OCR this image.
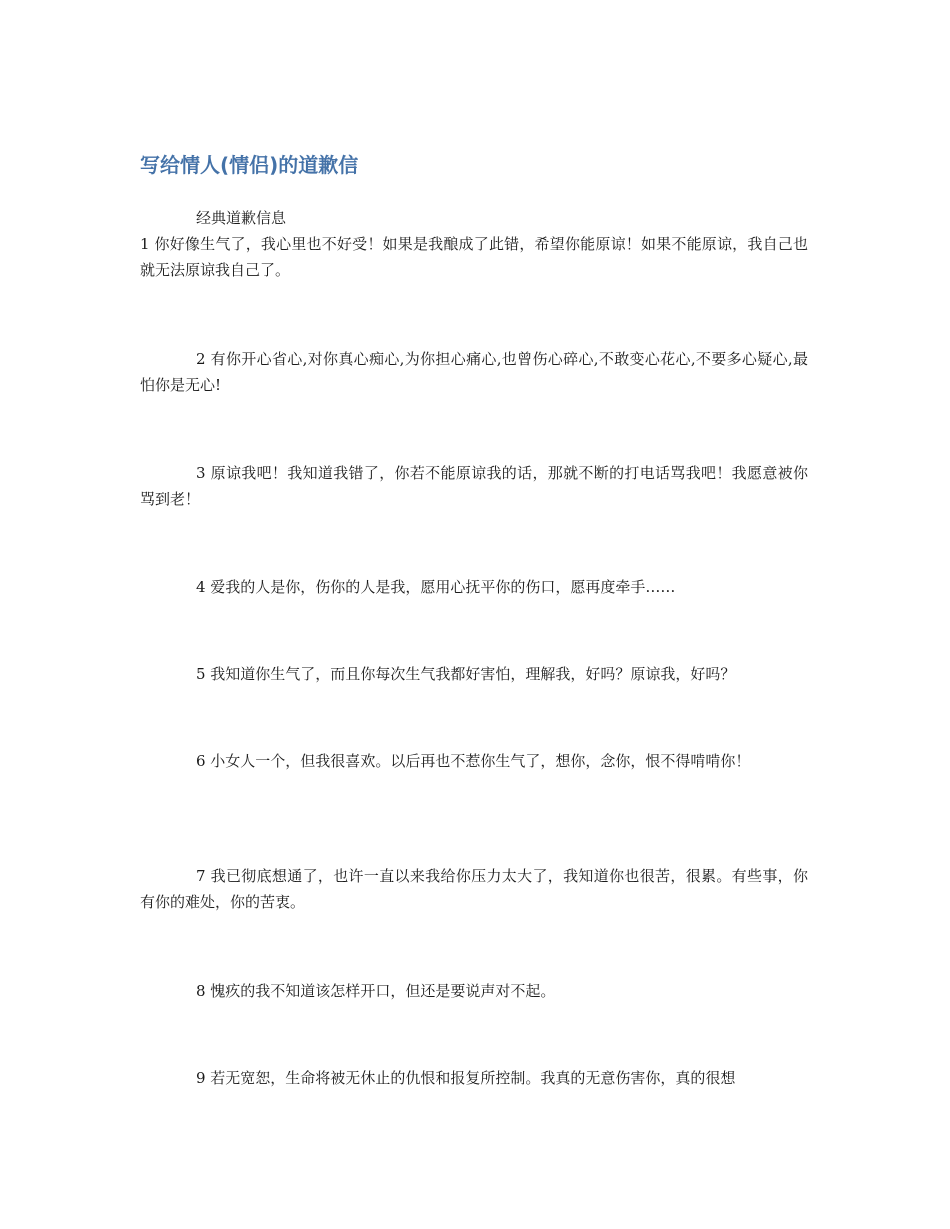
写给情人(情侣)的道歉信
经典道歉信息

1 你好像生气了，我心里也不好受！如果是我酿成了此错，希望你能原谅！如果不能原谅，我自己也就无法原谅我自己了。

2 有你开心省心,对你真心痴心,为你担心痛心,也曾伤心碎心,不敢变心花心,不要多心疑心,最怕你是无心!

3 原谅我吧！我知道我错了，你若不能原谅我的话，那就不断的打电话骂我吧！我愿意被你骂到老！

4 爱我的人是你，伤你的人是我，愿用心抚平你的伤口，愿再度牵手……

5 我知道你生气了，而且你每次生气我都好害怕，理解我，好吗？原谅我，好吗？

6 小女人一个，但我很喜欢。以后再也不惹你生气了，想你，念你，恨不得啃啃你！

7 我已彻底想通了，也许一直以来我给你压力太大了，我知道你也很苦，很累。有些事，你有你的难处，你的苦衷。

8 愧疚的我不知道该怎样开口，但还是要说声对不起。

9 若无宽恕，生命将被无休止的仇恨和报复所控制。我真的无意伤害你，真的很想
